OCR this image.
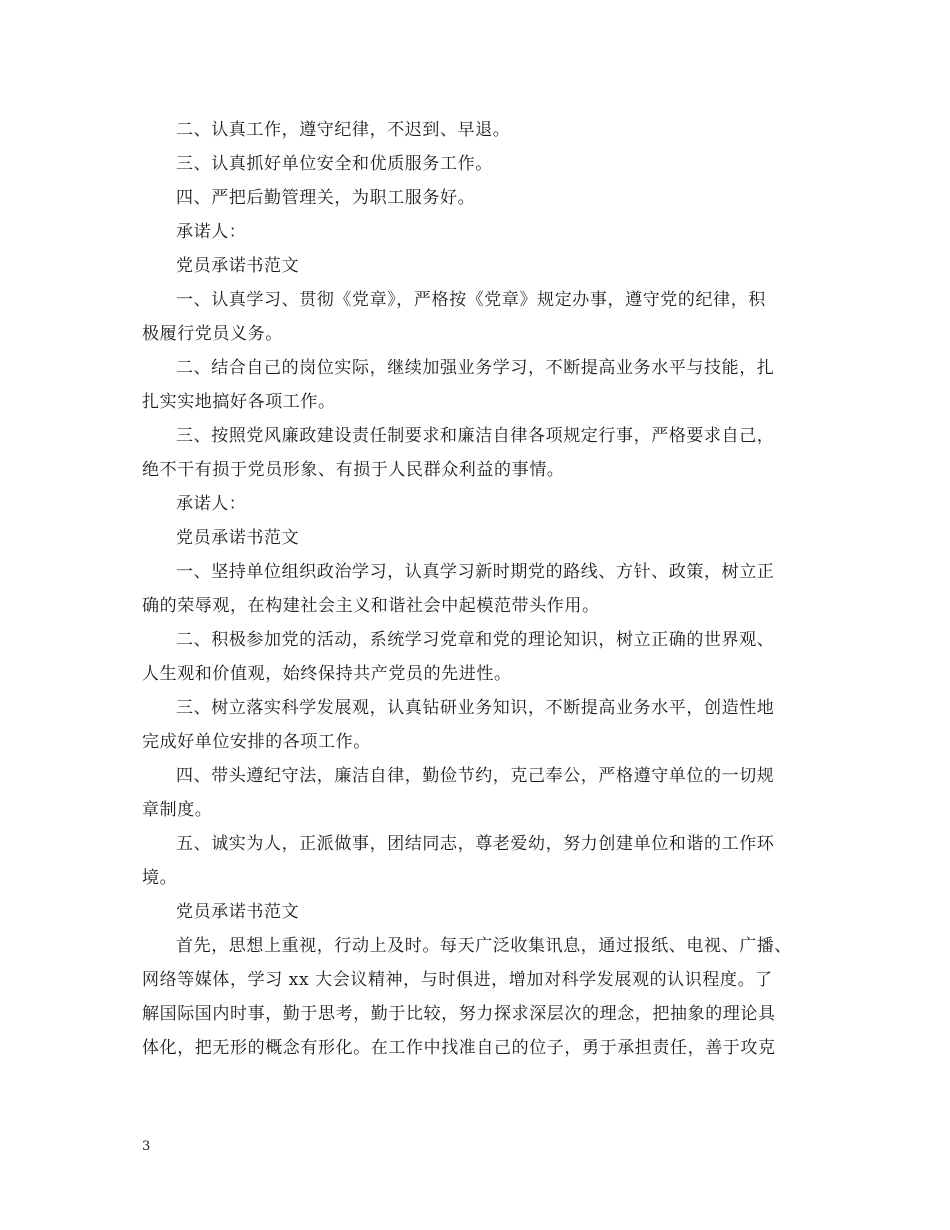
二、认真工作，遵守纪律，不迟到、早退。
三、认真抓好单位安全和优质服务工作。
四、严把后勤管理关，为职工服务好。
承诺人：
党员承诺书范文
一、认真学习、贯彻《党章》，严格按《党章》规定办事，遵守党的纪律，积
极履行党员义务。
二、结合自己的岗位实际，继续加强业务学习，不断提高业务水平与技能，扎
扎实实地搞好各项工作。
三、按照党风廉政建设责任制要求和廉洁自律各项规定行事，严格要求自己，
绝不干有损于党员形象、有损于人民群众利益的事情。
承诺人：
党员承诺书范文
一、坚持单位组织政治学习，认真学习新时期党的路线、方针、政策，树立正
确的荣辱观，在构建社会主义和谐社会中起模范带头作用。
二、积极参加党的活动，系统学习党章和党的理论知识，树立正确的世界观、
人生观和价值观，始终保持共产党员的先进性。
三、树立落实科学发展观，认真钻研业务知识，不断提高业务水平，创造性地
完成好单位安排的各项工作。
四、带头遵纪守法，廉洁自律，勤俭节约，克己奉公，严格遵守单位的一切规
章制度。
五、诚实为人，正派做事，团结同志，尊老爱幼，努力创建单位和谐的工作环
境。
党员承诺书范文
首先，思想上重视，行动上及时。每天广泛收集讯息，通过报纸、电视、广播、
网络等媒体，学习 xx 大会议精神，与时俱进，增加对科学发展观的认识程度。了
解国际国内时事，勤于思考，勤于比较，努力探求深层次的理念，把抽象的理论具
体化，把无形的概念有形化。在工作中找准自己的位子，勇于承担责任，善于攻克
3
